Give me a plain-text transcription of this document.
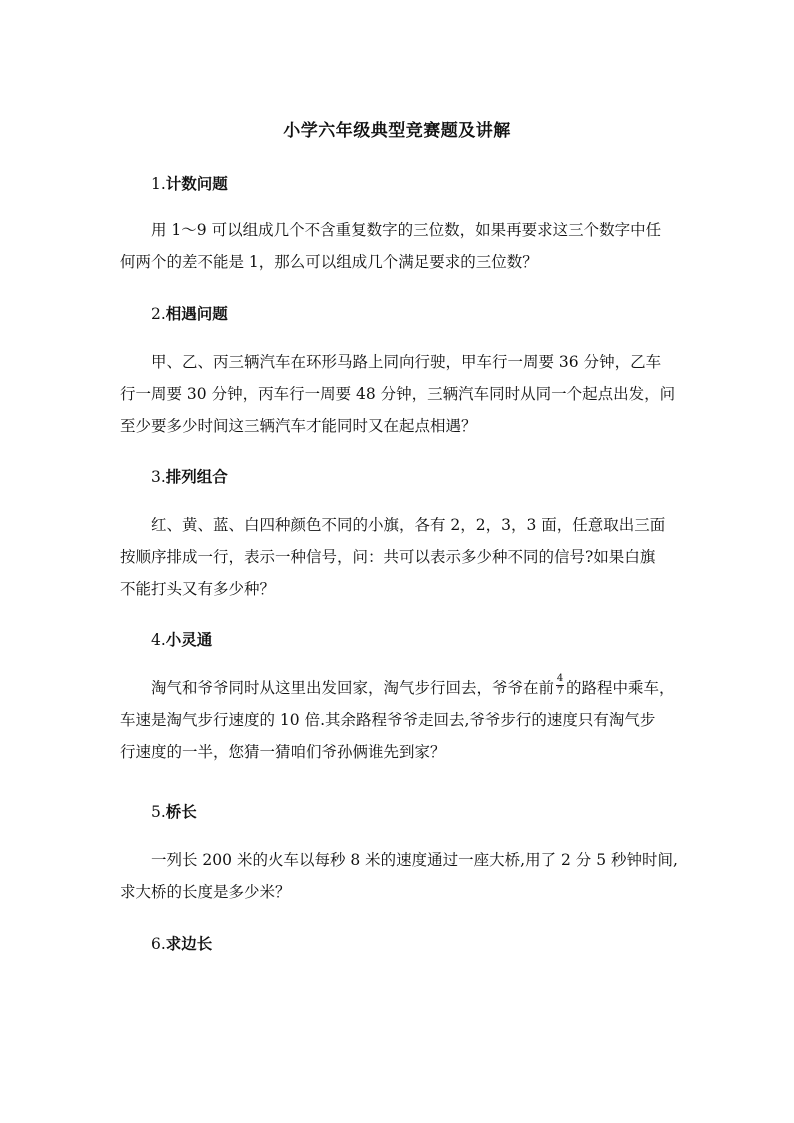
小学六年级典型竞赛题及讲解
1.计数问题
用 1～9 可以组成几个不含重复数字的三位数，如果再要求这三个数字中任
何两个的差不能是 1，那么可以组成几个满足要求的三位数？
2.相遇问题
甲、乙、丙三辆汽车在环形马路上同向行驶，甲车行一周要 36 分钟，乙车
行一周要 30 分钟，丙车行一周要 48 分钟，三辆汽车同时从同一个起点出发，问
至少要多少时间这三辆汽车才能同时又在起点相遇？
3.排列组合
红、黄、蓝、白四种颜色不同的小旗，各有 2，2，3，3 面，任意取出三面
按顺序排成一行，表示一种信号，问：共可以表示多少种不同的信号?如果白旗
不能打头又有多少种？
4.小灵通
淘气和爷爷同时从这里出发回家，淘气步行回去，爷爷在前 $\frac{4}{7}$ 的路程中乘车，
车速是淘气步行速度的 10 倍.其余路程爷爷走回去,爷爷步行的速度只有淘气步
行速度的一半，您猜一猜咱们爷孙俩谁先到家？
5.桥长
一列长 200 米的火车以每秒 8 米的速度通过一座大桥,用了 2 分 5 秒钟时间,
求大桥的长度是多少米？
6.求边长
